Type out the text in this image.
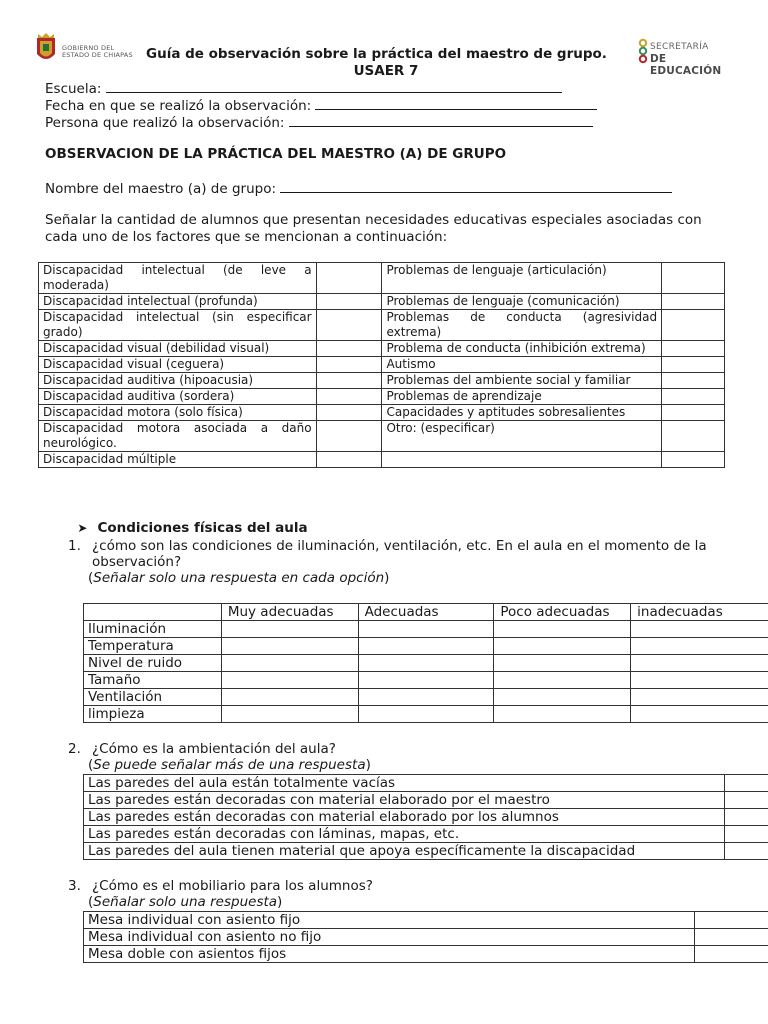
GOBIERNO DEL
ESTADO DE CHIAPAS Guía de observación sobre la práctica del maestro de grupo.
USAER 7
SECRETARÍA
DE EDUCACIÓN
Escuela:
Fecha en que se realizó la observación:
Persona que realizó la observación:
OBSERVACION DE LA PRÁCTICA DEL MAESTRO (A) DE GRUPO
Nombre del maestro (a) de grupo:
Señalar la cantidad de alumnos que presentan necesidades educativas especiales asociadas con
cada uno de los factores que se mencionan a continuación:
Discapacidad intelectual (de leve a moderada)		Problemas de lenguaje (articulación)	
Discapacidad intelectual (profunda)		Problemas de lenguaje (comunicación)	
Discapacidad intelectual (sin especificar grado)		Problemas de conducta (agresividad extrema)	
Discapacidad visual (debilidad visual)		Problema de conducta (inhibición extrema)	
Discapacidad visual (ceguera)		Autismo	
Discapacidad auditiva (hipoacusia)		Problemas del ambiente social y familiar	
Discapacidad auditiva (sordera)		Problemas de aprendizaje	
Discapacidad motora (solo física)		Capacidades y aptitudes sobresalientes	
Discapacidad motora asociada a daño neurológico.		Otro: (especificar)	
Discapacidad múltiple			

➤ Condiciones físicas del aula

1. ¿cómo son las condiciones de iluminación, ventilación, etc. En el aula en el momento de la
observación?
(Señalar solo una respuesta en cada opción)
	Muy adecuadas	Adecuadas	Poco adecuadas	inadecuadas
Iluminación				
Temperatura				
Nivel de ruido				
Tamaño				
Ventilación				
limpieza				
2. ¿Cómo es la ambientación del aula?
(Se puede señalar más de una respuesta)
Las paredes del aula están totalmente vacías	
Las paredes están decoradas con material elaborado por el maestro	
Las paredes están decoradas con material elaborado por los alumnos	
Las paredes están decoradas con láminas, mapas, etc.	
Las paredes del aula tienen material que apoya específicamente la discapacidad	
3. ¿Cómo es el mobiliario para los alumnos?
(Señalar solo una respuesta)
Mesa individual con asiento fijo	
Mesa individual con asiento no fijo	
Mesa doble con asientos fijos	
